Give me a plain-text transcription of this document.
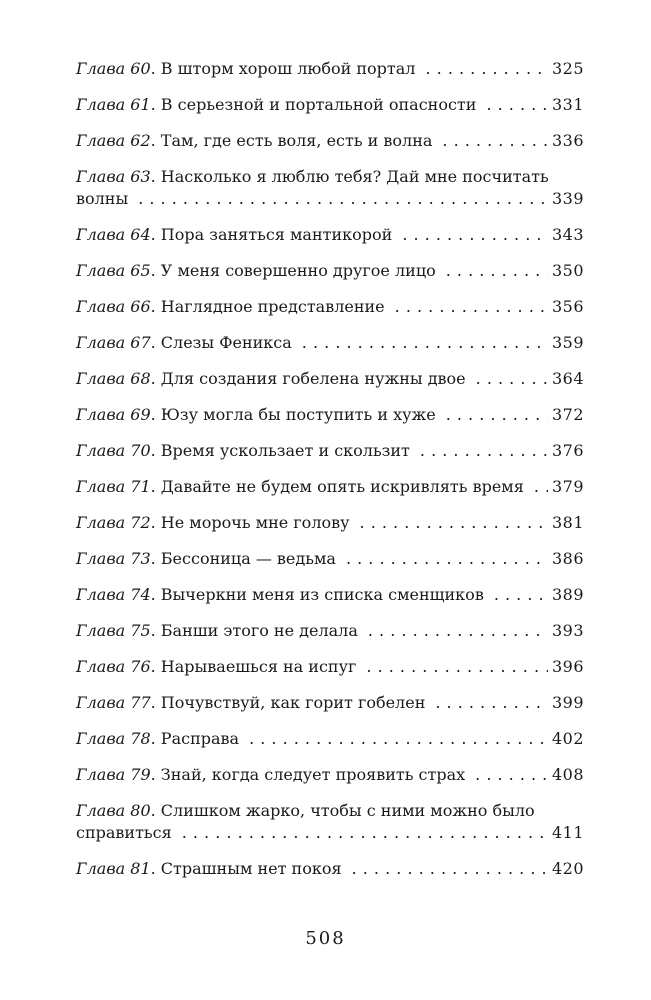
Глава 60 . В шторм хорош любой портал . . .	325
Глава 61 . В серьезной и портальной опасности . . .	331
Глава 62 . Там, где есть воля, есть и волна . . .	336
Глава 63 . Насколько я люблю тебя? Дай мне посчитать
волны . . .	339
Глава 64 . Пора заняться мантикорой . . .	343
Глава 65 . У меня совершенно другое лицо . . .	350
Глава 66 . Наглядное представление . . .	356
Глава 67 . Слезы Феникса . . .	359
Глава 68 . Для создания гобелена нужны двое . . .	364
Глава 69 . Юзу могла бы поступить и хуже . . .	372
Глава 70 . Время ускользает и скользит . . .	376
Глава 71 . Давайте не будем опять искривлять время . . . 379
Глава 72 . Не морочь мне голову . . .	381
Глава 73 . Бессоница — ведьма . . .	386
Глава 74 . Вычеркни меня из списка сменщиков . . .	389
Глава 75 . Банши этого не делала . . .	393
Глава 76 . Нарываешься на испуг . . .	396
Глава 77 . Почувствуй, как горит гобелен . . .	399
Глава 78 . Расправа . . .	402
Глава 79 . Знай, когда следует проявить страх . . .	408
Глава 80 . Слишком жарко, чтобы с ними можно было
справиться . . .	411
Глава 81 . Страшным нет покоя . . .	420
508
